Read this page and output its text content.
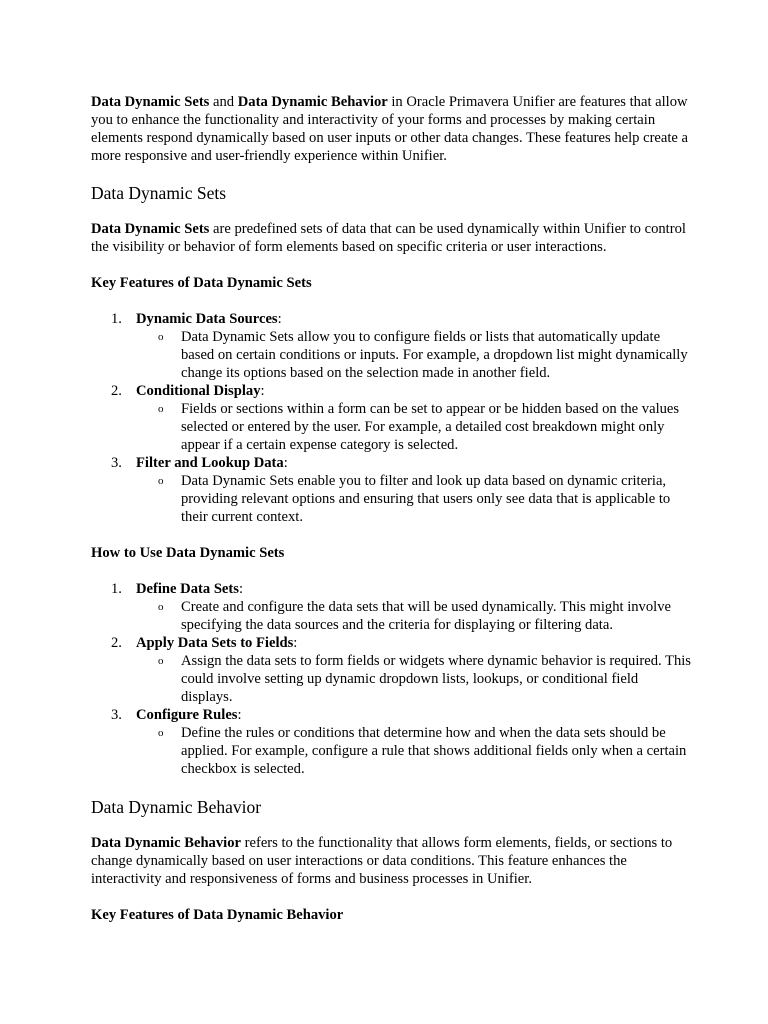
Data Dynamic Sets and Data Dynamic Behavior in Oracle Primavera Unifier are features that allow you to enhance the functionality and interactivity of your forms and processes by making certain elements respond dynamically based on user inputs or other data changes. These features help create a more responsive and user-friendly experience within Unifier.

Data Dynamic Sets

Data Dynamic Sets are predefined sets of data that can be used dynamically within Unifier to control the visibility or behavior of form elements based on specific criteria or user interactions.

Key Features of Data Dynamic Sets
1. Dynamic Data Sources:
o Data Dynamic Sets allow you to configure fields or lists that automatically update based on certain conditions or inputs. For example, a dropdown list might dynamically change its options based on the selection made in another field.
2. Conditional Display:
o Fields or sections within a form can be set to appear or be hidden based on the values selected or entered by the user. For example, a detailed cost breakdown might only appear if a certain expense category is selected.
3. Filter and Lookup Data:
o Data Dynamic Sets enable you to filter and look up data based on dynamic criteria, providing relevant options and ensuring that users only see data that is applicable to their current context.
How to Use Data Dynamic Sets
1. Define Data Sets:
o Create and configure the data sets that will be used dynamically. This might involve specifying the data sources and the criteria for displaying or filtering data.
2. Apply Data Sets to Fields:
o Assign the data sets to form fields or widgets where dynamic behavior is required. This could involve setting up dynamic dropdown lists, lookups, or conditional field displays.
3. Configure Rules:
o Define the rules or conditions that determine how and when the data sets should be applied. For example, configure a rule that shows additional fields only when a certain checkbox is selected.
Data Dynamic Behavior

Data Dynamic Behavior refers to the functionality that allows form elements, fields, or sections to change dynamically based on user interactions or data conditions. This feature enhances the interactivity and responsiveness of forms and business processes in Unifier.

Key Features of Data Dynamic Behavior
